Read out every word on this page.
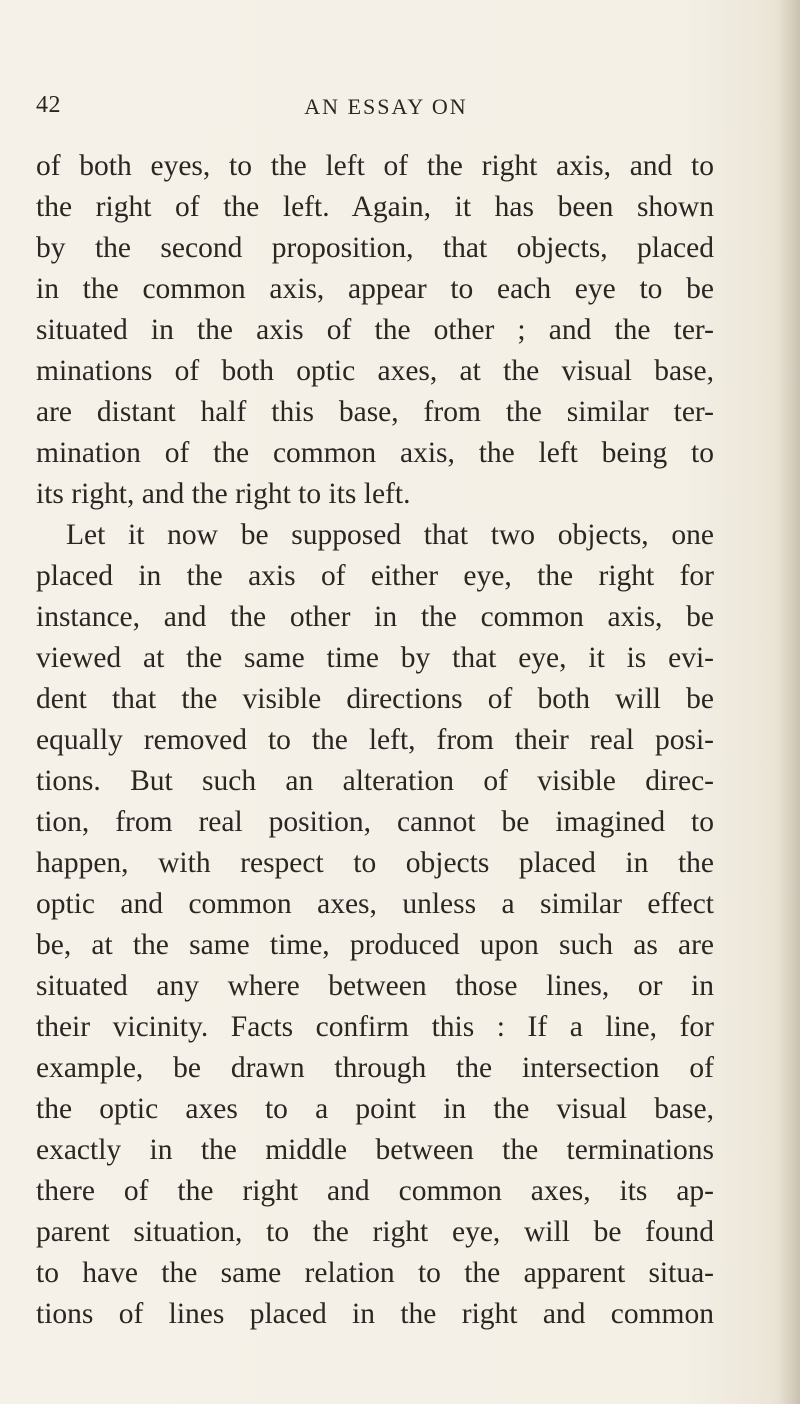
42	AN ESSAY ON
of both eyes, to the left of the right axis, and to
the right of the left. Again, it has been shown
by the second proposition, that objects, placed
in the common axis, appear to each eye to be
situated in the axis of the other ; and the ter-
minations of both optic axes, at the visual base,
are distant half this base, from the similar ter-
mination of the common axis, the left being to
its right, and the right to its left.
Let it now be supposed that two objects, one
placed in the axis of either eye, the right for
instance, and the other in the common axis, be
viewed at the same time by that eye, it is evi-
dent that the visible directions of both will be
equally removed to the left, from their real posi-
tions. But such an alteration of visible direc-
tion, from real position, cannot be imagined to
happen, with respect to objects placed in the
optic and common axes, unless a similar effect
be, at the same time, produced upon such as are
situated any where between those lines, or in
their vicinity. Facts confirm this : If a line, for
example, be drawn through the intersection of
the optic axes to a point in the visual base,
exactly in the middle between the terminations
there of the right and common axes, its ap-
parent situation, to the right eye, will be found
to have the same relation to the apparent situa-
tions of lines placed in the right and common
